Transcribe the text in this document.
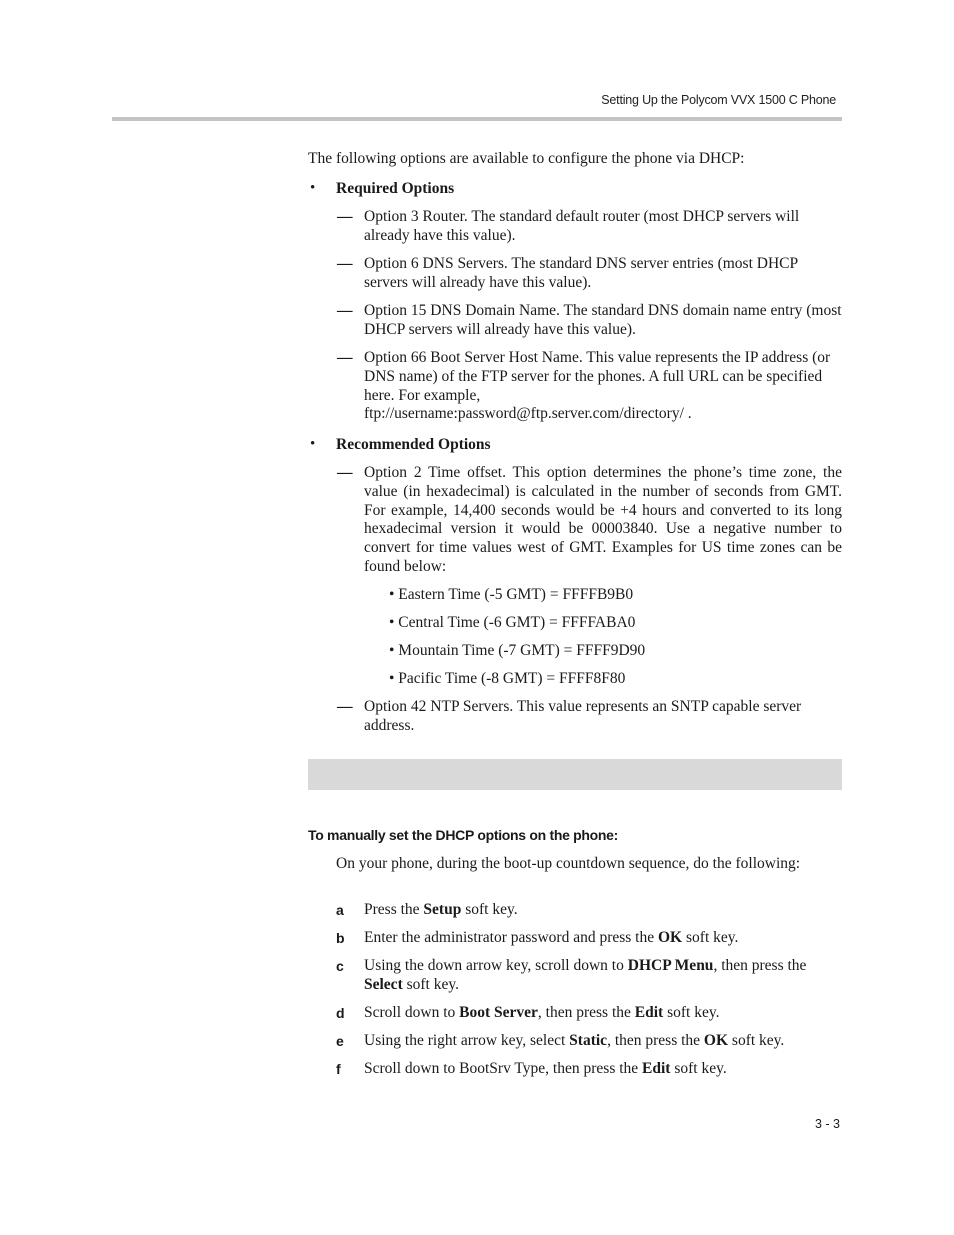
Setting Up the Polycom VVX 1500 C Phone
The following options are available to configure the phone via DHCP:
• Required Options
— Option 3 Router. The standard default router (most DHCP servers will already have this value).
— Option 6 DNS Servers. The standard DNS server entries (most DHCP servers will already have this value).
— Option 15 DNS Domain Name. The standard DNS domain name entry (most DHCP servers will already have this value).
— Option 66 Boot Server Host Name. This value represents the IP address (or DNS name) of the FTP server for the phones. A full URL can be specified here. For example,
ftp://username:password@ftp.server.com/directory/ .
• Recommended Options
— Option 2 Time offset. This option determines the phone’s time zone, the value (in hexadecimal) is calculated in the number of seconds from GMT. For example, 14,400 seconds would be +4 hours and converted to its long hexadecimal version it would be 00003840. Use a negative number to convert for time values west of GMT. Examples for US time zones can be found below:
• Eastern Time (-5 GMT) = FFFFB9B0
• Central Time (-6 GMT) = FFFFABA0
• Mountain Time (-7 GMT) = FFFF9D90
• Pacific Time (-8 GMT) = FFFF8F80
— Option 42 NTP Servers. This value represents an SNTP capable server address.
To manually set the DHCP options on the phone:
On your phone, during the boot-up countdown sequence, do the following:
a Press the Setup soft key.
b Enter the administrator password and press the OK soft key.
c Using the down arrow key, scroll down to DHCP Menu, then press the Select soft key.
d Scroll down to Boot Server, then press the Edit soft key.
e Using the right arrow key, select Static, then press the OK soft key.
f Scroll down to BootSrv Type, then press the Edit soft key.
3 - 3
